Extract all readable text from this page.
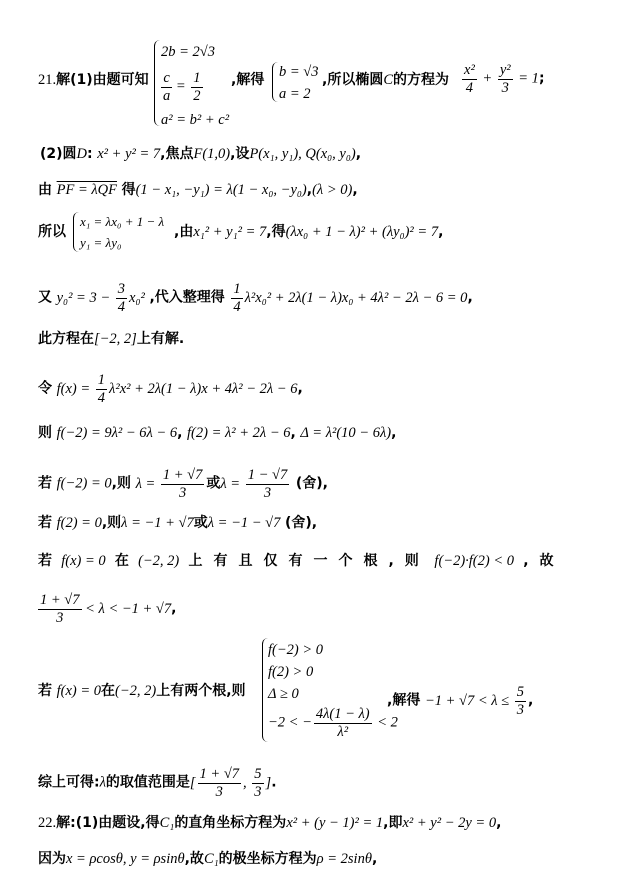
21.解(1)由题可知
2b = 2√3
$\frac{c}{a} = \frac{1}{2}$
a² = b² + c²
,解得 b = √3
a = 2
,所以椭圆C的方程为 $\frac{\text{x²}}{4} + \frac{\text{y²}}{3} = 1$;
(2)圆D: x² + y² = 7,焦点F(1,0),设P(x₁, y₁), Q(x₀, y₀),
由 PF = λQF 得(1 − x₁, −y₁) = λ(1 − x₀, −y₀),(λ > 0),
所以
x₁ = λx₀ + 1 − λ
y₁ = λy₀
,由x₁² + y₁² = 7,得(λx₀ + 1 − λ)² + (λy₀)² = 7,
又 $y_0^2 = 3 - \frac{3}{4} x_0^2$ ,代入整理得 $\frac{1}{4} \lambda^2x_0^2 + 2\lambda(1 - \lambda)x_0 + 4\lambda^2 - 2\lambda - 6 = 0$,
此方程在[−2, 2]上有解.
令 $f(x) = \frac{1}{4} \lambda^2x^2 + 2\lambda(1 - \lambda)x + 4\lambda^2 - 2\lambda - 6$,
则 f(−2) = 9λ² − 6λ − 6, f(2) = λ² + 2λ − 6, Δ = λ²(10 − 6λ),
若 f(−2) = 0,则 $\lambda = \frac{1 + √7}{3}$ 或$\lambda = \frac{1 - √7}{3}$ (舍),
若 f(2) = 0,则λ = −1 + √7或λ = −1 − √7 (舍),
若 f(x) = 0 在 (−2, 2) 上有且仅有一个根,则 f(−2)·f(2) < 0 ,故
$\frac{1 + √7}{3} < \lambda < -1 + √7$,
若 f(x) = 0在(−2, 2)上有两个根,则
f(−2) > 0
f(2) > 0
Δ ≥ 0
−2 < − $\frac{4\lambda(1 - \lambda)}{\text{λ²}} < 2$
,解得 $-1 + √7 < \lambda \le \frac{5}{3}$ ,
综上可得:λ的取值范围是[ $\frac{1 + √7}{3}$ , $\frac{5}{3}$ ].
22.解:(1)由题设,得C₁的直角坐标方程为x² + (y − 1)² = 1,即x² + y² − 2y = 0,
因为x = ρcosθ, y = ρsinθ,故C₁的极坐标方程为ρ = 2sinθ,
